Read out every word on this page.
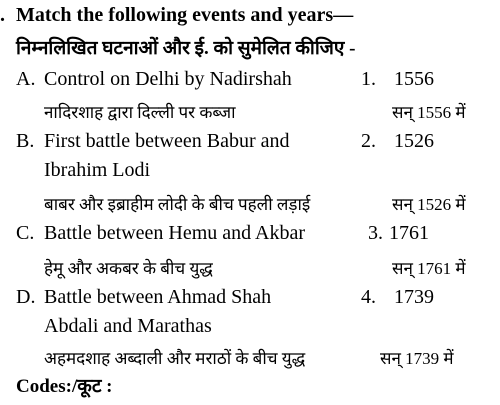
. Match the following events and years—
निम्नलिखित घटनाओं और ई. को सुमेलित कीजिए -
A. Control on Delhi by Nadirshah	1. 1556
नादिरशाह द्वारा दिल्ली पर कब्जा	सन् 1556 में
B. First battle between Babur and	2. 1526
Ibrahim Lodi
बाबर और इब्राहीम लोदी के बीच पहली लड़ाई	सन् 1526 में
C. Battle between Hemu and Akbar	3. 1761
हेमू और अकबर के बीच युद्ध	सन् 1761 में
D. Battle between Ahmad Shah	4. 1739
Abdali and Marathas
अहमदशाह अब्दाली और मराठों के बीच युद्ध	सन् 1739 में
Codes:/कूट :
